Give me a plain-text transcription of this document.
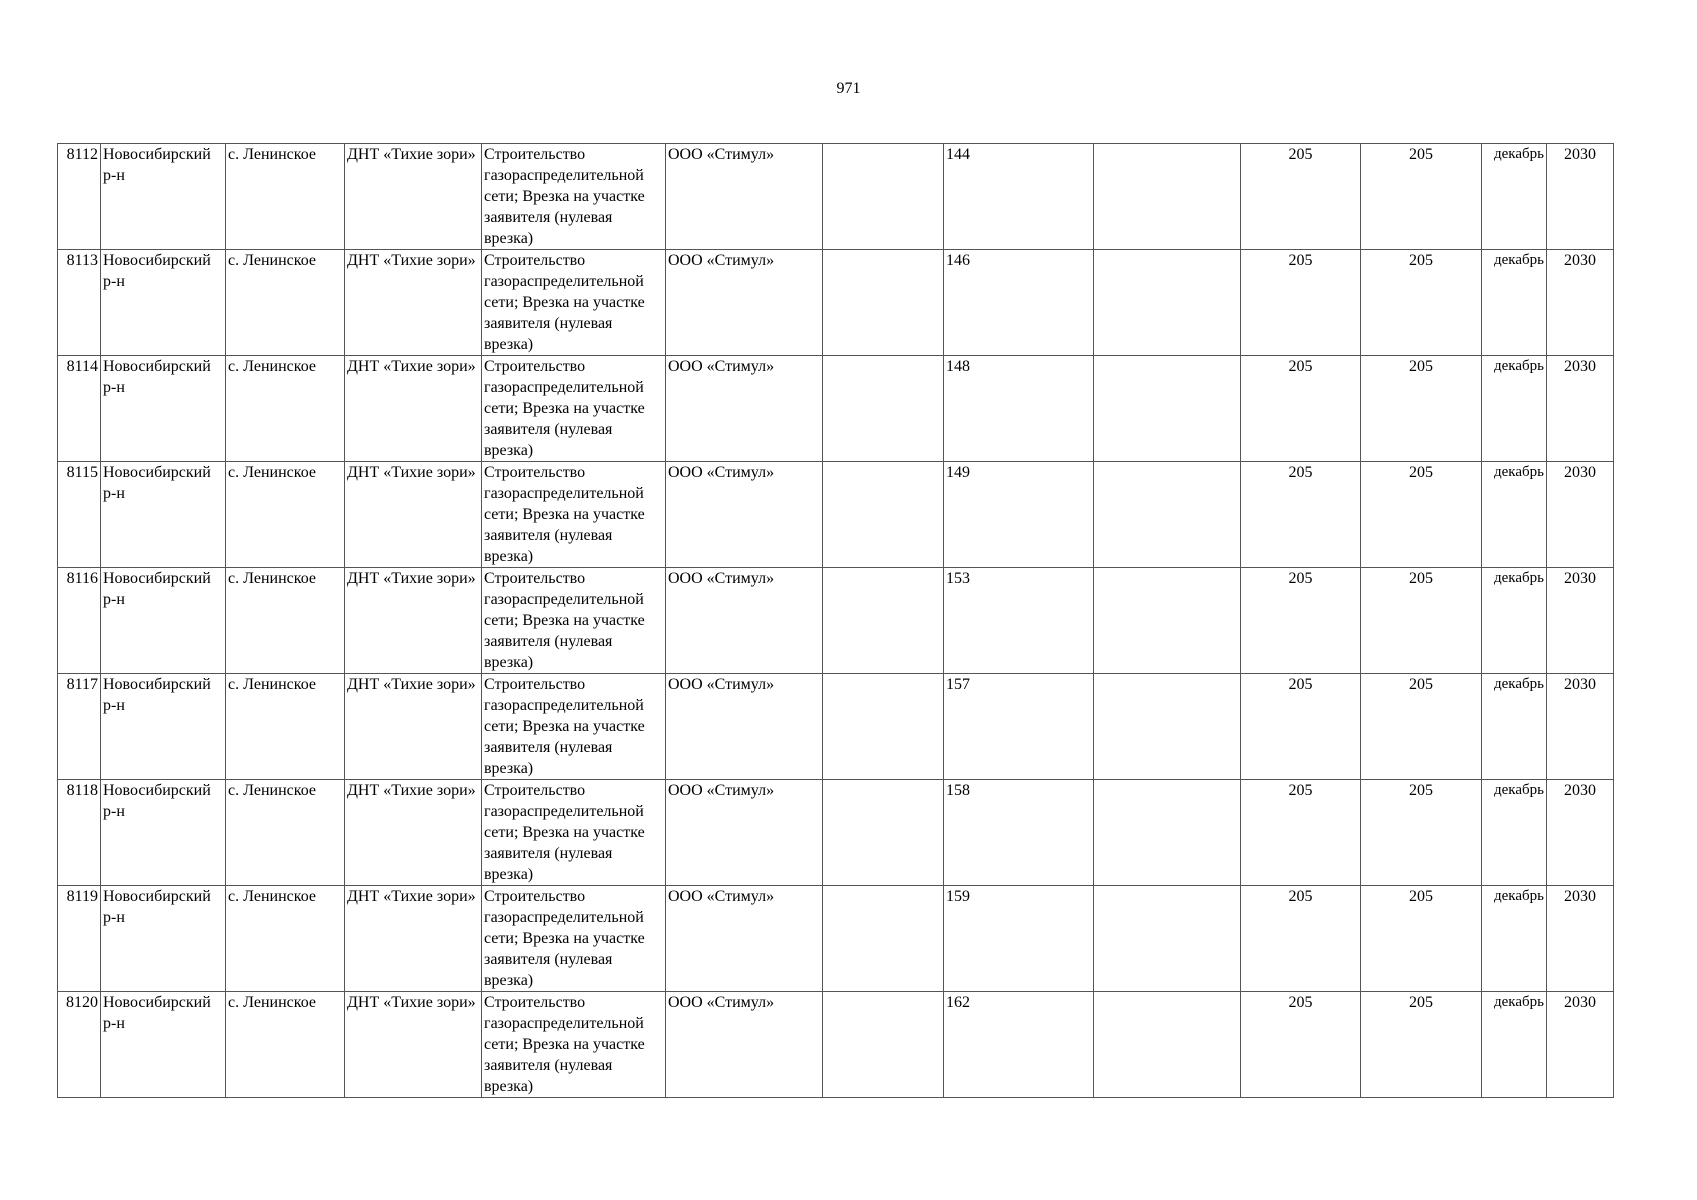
971
8112	Новосибирский р-н	с. Ленинское	ДНТ «Тихие зори»	Строительство газораспределительной сети; Врезка на участке заявителя (нулевая врезка)	ООО «Стимул»		144		205	205	декабрь	2030
8113	Новосибирский р-н	с. Ленинское	ДНТ «Тихие зори»	Строительство газораспределительной сети; Врезка на участке заявителя (нулевая врезка)	ООО «Стимул»		146		205	205	декабрь	2030
8114	Новосибирский р-н	с. Ленинское	ДНТ «Тихие зори»	Строительство газораспределительной сети; Врезка на участке заявителя (нулевая врезка)	ООО «Стимул»		148		205	205	декабрь	2030
8115	Новосибирский р-н	с. Ленинское	ДНТ «Тихие зори»	Строительство газораспределительной сети; Врезка на участке заявителя (нулевая врезка)	ООО «Стимул»		149		205	205	декабрь	2030
8116	Новосибирский р-н	с. Ленинское	ДНТ «Тихие зори»	Строительство газораспределительной сети; Врезка на участке заявителя (нулевая врезка)	ООО «Стимул»		153		205	205	декабрь	2030
8117	Новосибирский р-н	с. Ленинское	ДНТ «Тихие зори»	Строительство газораспределительной сети; Врезка на участке заявителя (нулевая врезка)	ООО «Стимул»		157		205	205	декабрь	2030
8118	Новосибирский р-н	с. Ленинское	ДНТ «Тихие зори»	Строительство газораспределительной сети; Врезка на участке заявителя (нулевая врезка)	ООО «Стимул»		158		205	205	декабрь	2030
8119	Новосибирский р-н	с. Ленинское	ДНТ «Тихие зори»	Строительство газораспределительной сети; Врезка на участке заявителя (нулевая врезка)	ООО «Стимул»		159		205	205	декабрь	2030
8120	Новосибирский р-н	с. Ленинское	ДНТ «Тихие зори»	Строительство газораспределительной сети; Врезка на участке заявителя (нулевая врезка)	ООО «Стимул»		162		205	205	декабрь	2030
